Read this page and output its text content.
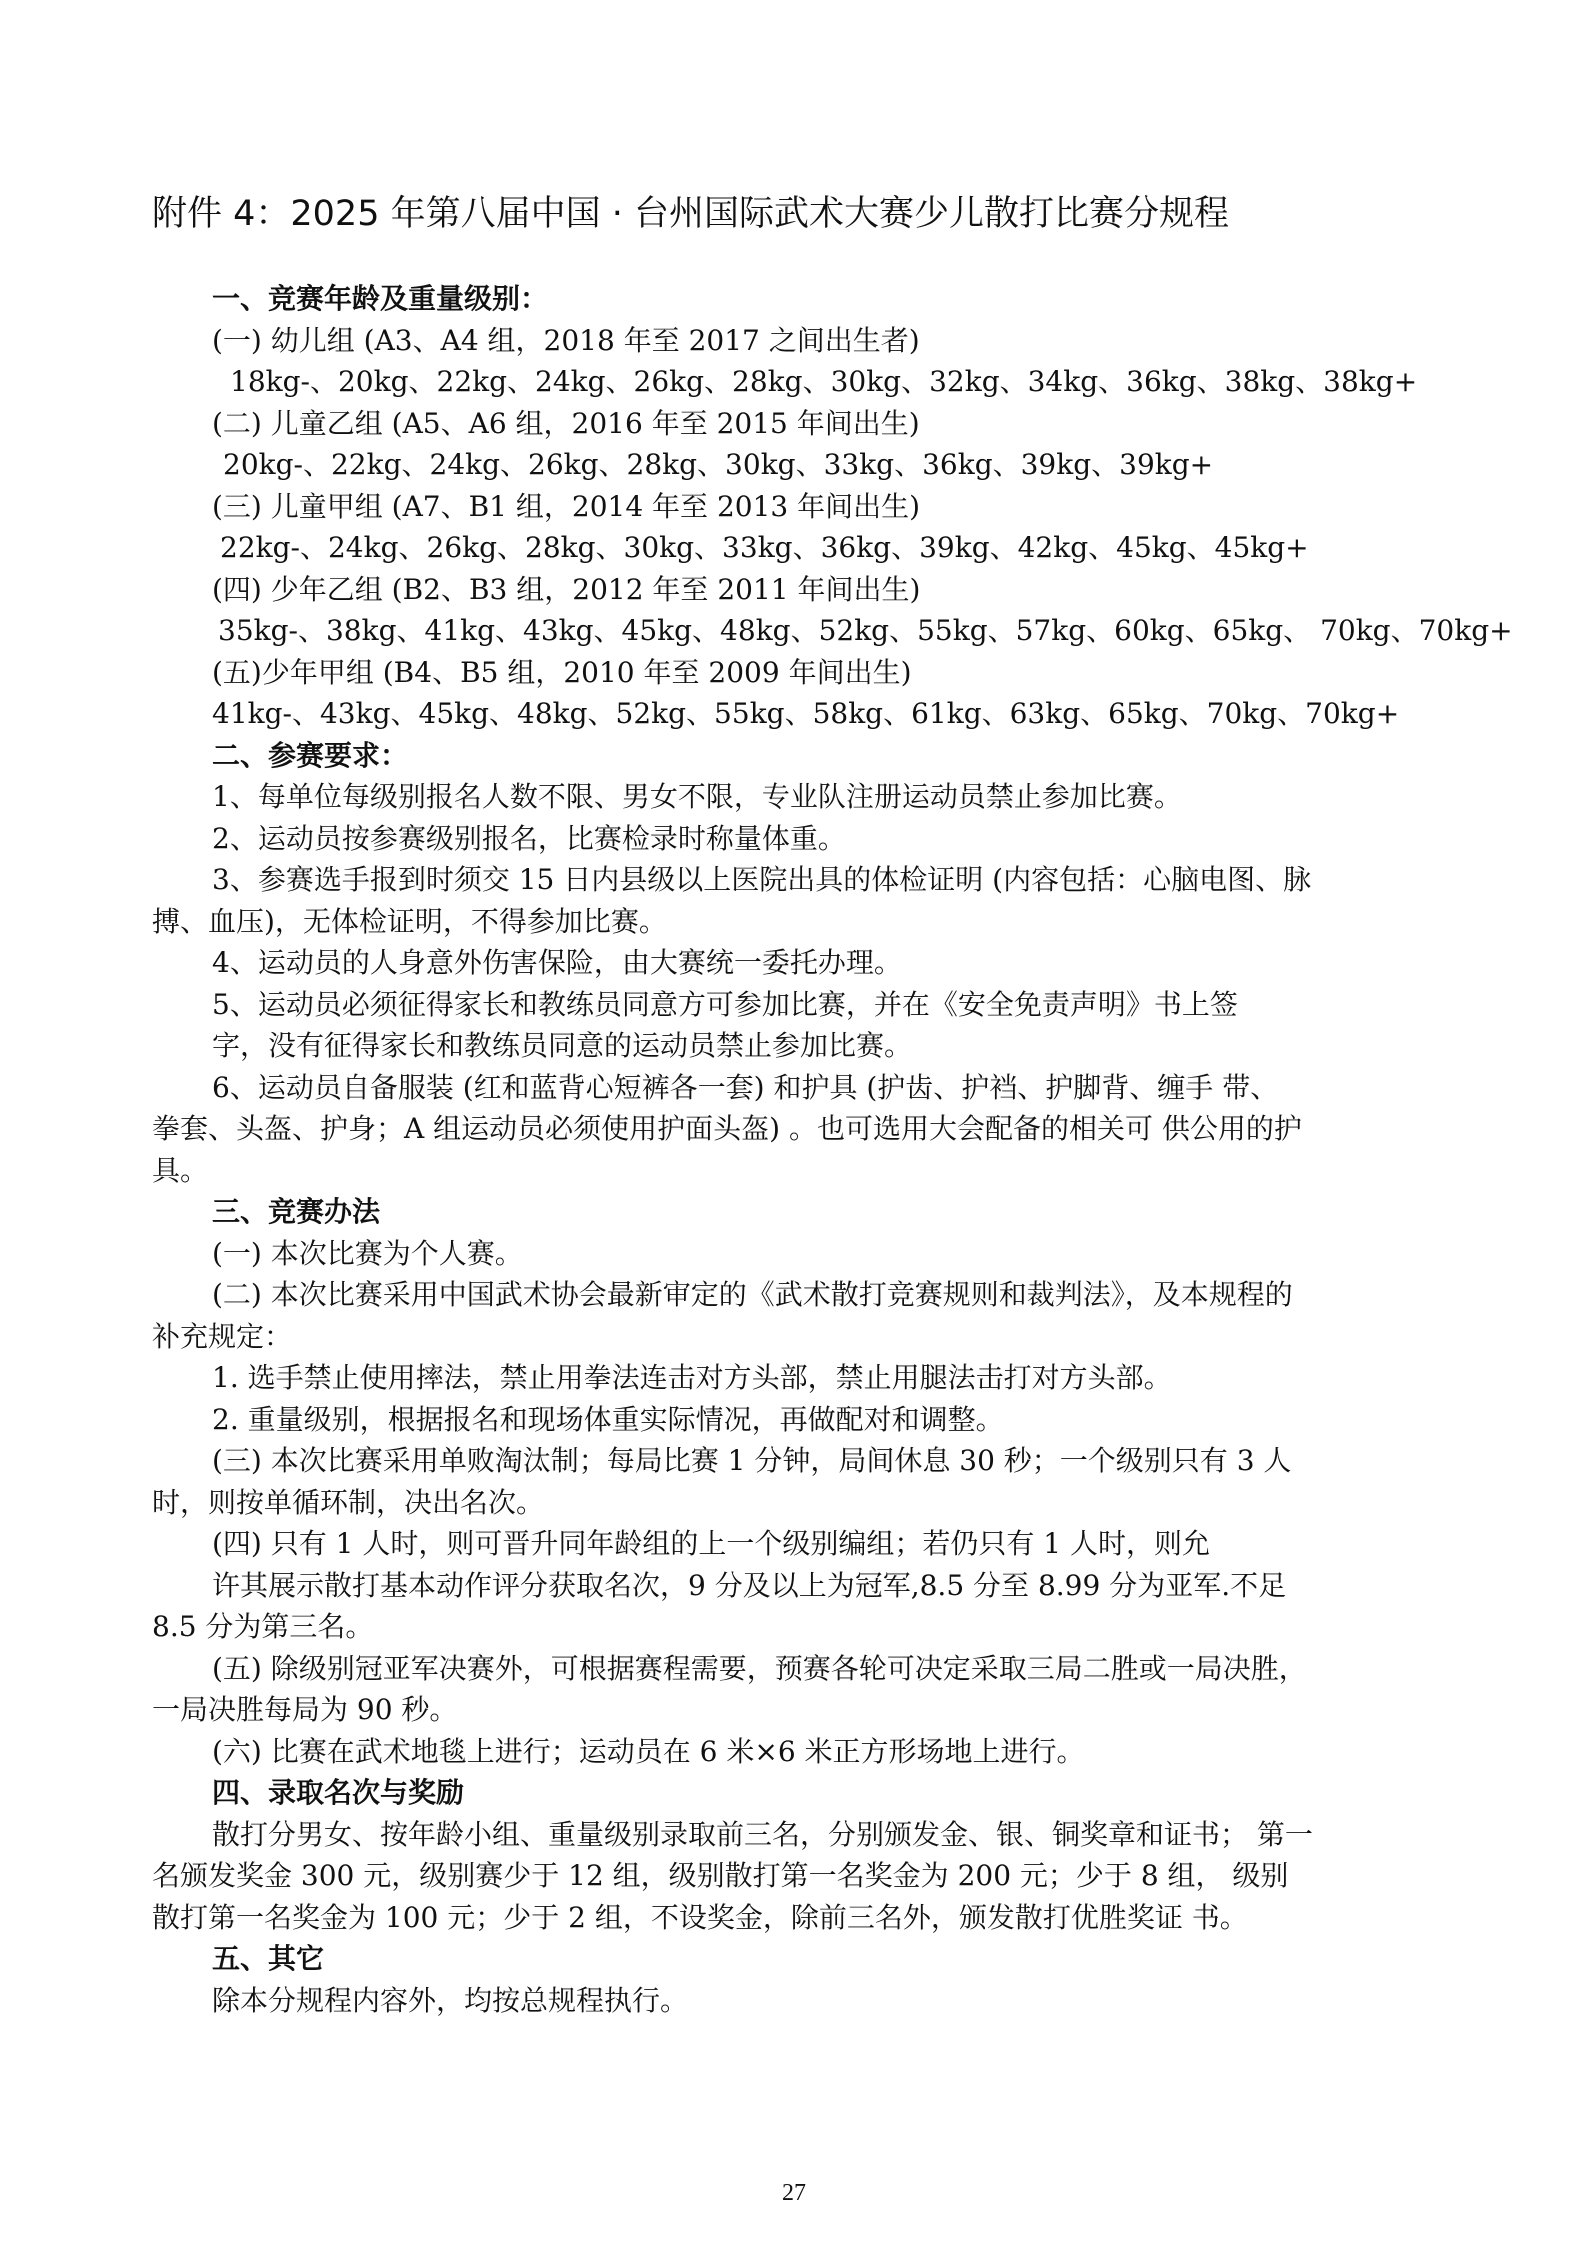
附件 4：2025 年第八届中国 · 台州国际武术大赛少儿散打比赛分规程
一、竞赛年龄及重量级别：
(一) 幼儿组 (A3、A4 组，2018 年至 2017 之间出生者)
18kg-、20kg、22kg、24kg、26kg、28kg、30kg、32kg、34kg、36kg、38kg、38kg+
(二) 儿童乙组 (A5、A6 组，2016 年至 2015 年间出生)
20kg-、22kg、24kg、26kg、28kg、30kg、33kg、36kg、39kg、39kg+
(三) 儿童甲组 (A7、B1 组，2014 年至 2013 年间出生)
22kg-、24kg、26kg、28kg、30kg、33kg、36kg、39kg、42kg、45kg、45kg+
(四) 少年乙组 (B2、B3 组，2012 年至 2011 年间出生)
35kg-、38kg、41kg、43kg、45kg、48kg、52kg、55kg、57kg、60kg、65kg、 70kg、70kg+
(五)少年甲组 (B4、B5 组，2010 年至 2009 年间出生)
41kg-、43kg、45kg、48kg、52kg、55kg、58kg、61kg、63kg、65kg、70kg、70kg+
二、参赛要求：
1、每单位每级别报名人数不限、男女不限，专业队注册运动员禁止参加比赛。
2、运动员按参赛级别报名，比赛检录时称量体重。
3、参赛选手报到时须交 15 日内县级以上医院出具的体检证明 (内容包括：心脑电图、脉
搏、血压)，无体检证明，不得参加比赛。
4、运动员的人身意外伤害保险，由大赛统一委托办理。
5、运动员必须征得家长和教练员同意方可参加比赛，并在《安全免责声明》书上签
字，没有征得家长和教练员同意的运动员禁止参加比赛。
6、运动员自备服装 (红和蓝背心短裤各一套) 和护具 (护齿、护裆、护脚背、缠手 带、
拳套、头盔、护身；A 组运动员必须使用护面头盔) 。也可选用大会配备的相关可 供公用的护
具。
三、竞赛办法
(一) 本次比赛为个人赛。
(二) 本次比赛采用中国武术协会最新审定的《武术散打竞赛规则和裁判法》，及本规程的
补充规定：
1. 选手禁止使用摔法，禁止用拳法连击对方头部，禁止用腿法击打对方头部。
2. 重量级别，根据报名和现场体重实际情况，再做配对和调整。
(三) 本次比赛采用单败淘汰制；每局比赛 1 分钟，局间休息 30 秒；一个级别只有 3 人
时，则按单循环制，决出名次。
(四) 只有 1 人时，则可晋升同年龄组的上一个级别编组；若仍只有 1 人时，则允
许其展示散打基本动作评分获取名次，9 分及以上为冠军,8.5 分至 8.99 分为亚军.不足
8.5 分为第三名。
(五) 除级别冠亚军决赛外，可根据赛程需要，预赛各轮可决定采取三局二胜或一局决胜，
一局决胜每局为 90 秒。
(六) 比赛在武术地毯上进行；运动员在 6 米×6 米正方形场地上进行。
四、录取名次与奖励
散打分男女、按年龄小组、重量级别录取前三名，分别颁发金、银、铜奖章和证书； 第一
名颁发奖金 300 元，级别赛少于 12 组，级别散打第一名奖金为 200 元；少于 8 组， 级别
散打第一名奖金为 100 元；少于 2 组，不设奖金，除前三名外，颁发散打优胜奖证 书。
五、其它
除本分规程内容外，均按总规程执行。
27
